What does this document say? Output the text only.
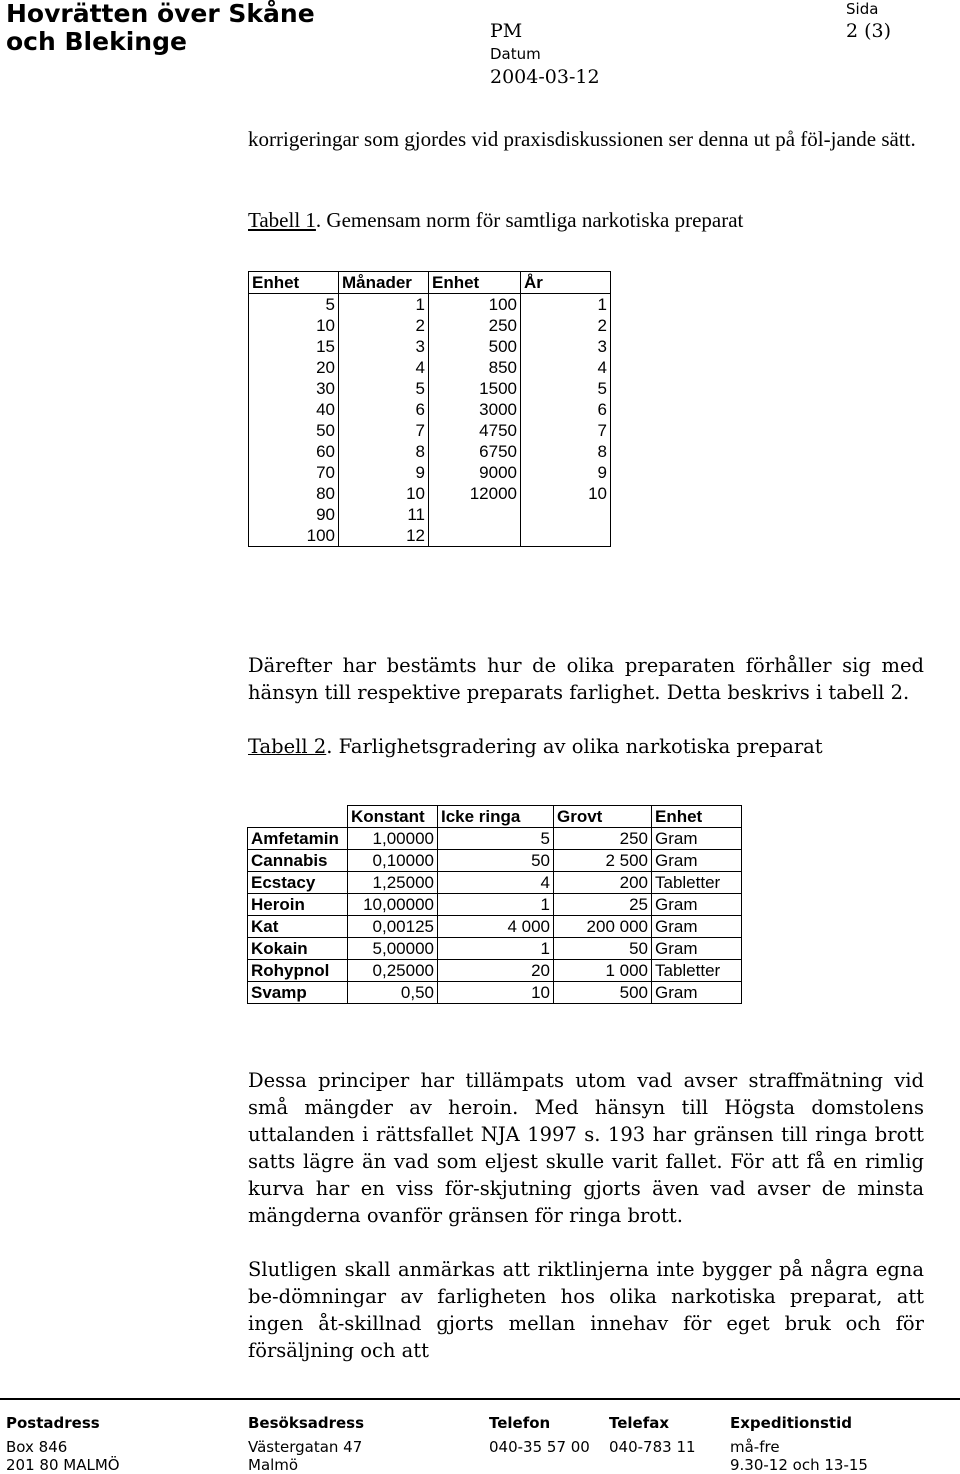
Hovrätten över Skåne
och Blekinge	PM
Datum
2004-03-12
Sida
2 (3)
korrigeringar som gjordes vid praxisdiskussionen ser denna ut på föl-jande sätt.
Tabell 1. Gemensam norm för samtliga narkotiska preparat
Enhet	Månader	Enhet	År
5	1	100	1
10	2	250	2
15	3	500	3
20	4	850	4
30	5	1500	5
40	6	3000	6
50	7	4750	7
60	8	6750	8
70	9	9000	9
80	10	12000	10
90	11		
100	12		
Därefter har bestämts hur de olika preparaten förhåller sig med hänsyn till respektive preparats farlighet. Detta beskrivs i tabell 2.
Tabell 2. Farlighetsgradering av olika narkotiska preparat
	Konstant	Icke ringa	Grovt	Enhet
Amfetamin	1,00000	5	250	Gram
Cannabis	0,10000	50	2 500	Gram
Ecstacy	1,25000	4	200	Tabletter
Heroin	10,00000	1	25	Gram
Kat	0,00125	4 000	200 000	Gram
Kokain	5,00000	1	50	Gram
Rohypnol	0,25000	20	1 000	Tabletter
Svamp	0,50	10	500	Gram
Dessa principer har tillämpats utom vad avser straffmätning vid små mängder av heroin. Med hänsyn till Högsta domstolens uttalanden i rättsfallet NJA 1997 s. 193 har gränsen till ringa brott satts lägre än vad som eljest skulle varit fallet. För att få en rimlig kurva har en viss för-skjutning gjorts även vad avser de minsta mängderna ovanför gränsen för ringa brott.
Slutligen skall anmärkas att riktlinjerna inte bygger på några egna be-dömningar av farligheten hos olika narkotiska preparat, att ingen åt-skillnad gjorts mellan innehav för eget bruk och för försäljning och att
Postadress
Box 846
201 80 MALMÖ
Besöksadress
Västergatan 47
Malmö
Telefon
040-35 57 00
Telefax
040-783 11
Expeditionstid
må-fre
9.30-12 och 13-15
